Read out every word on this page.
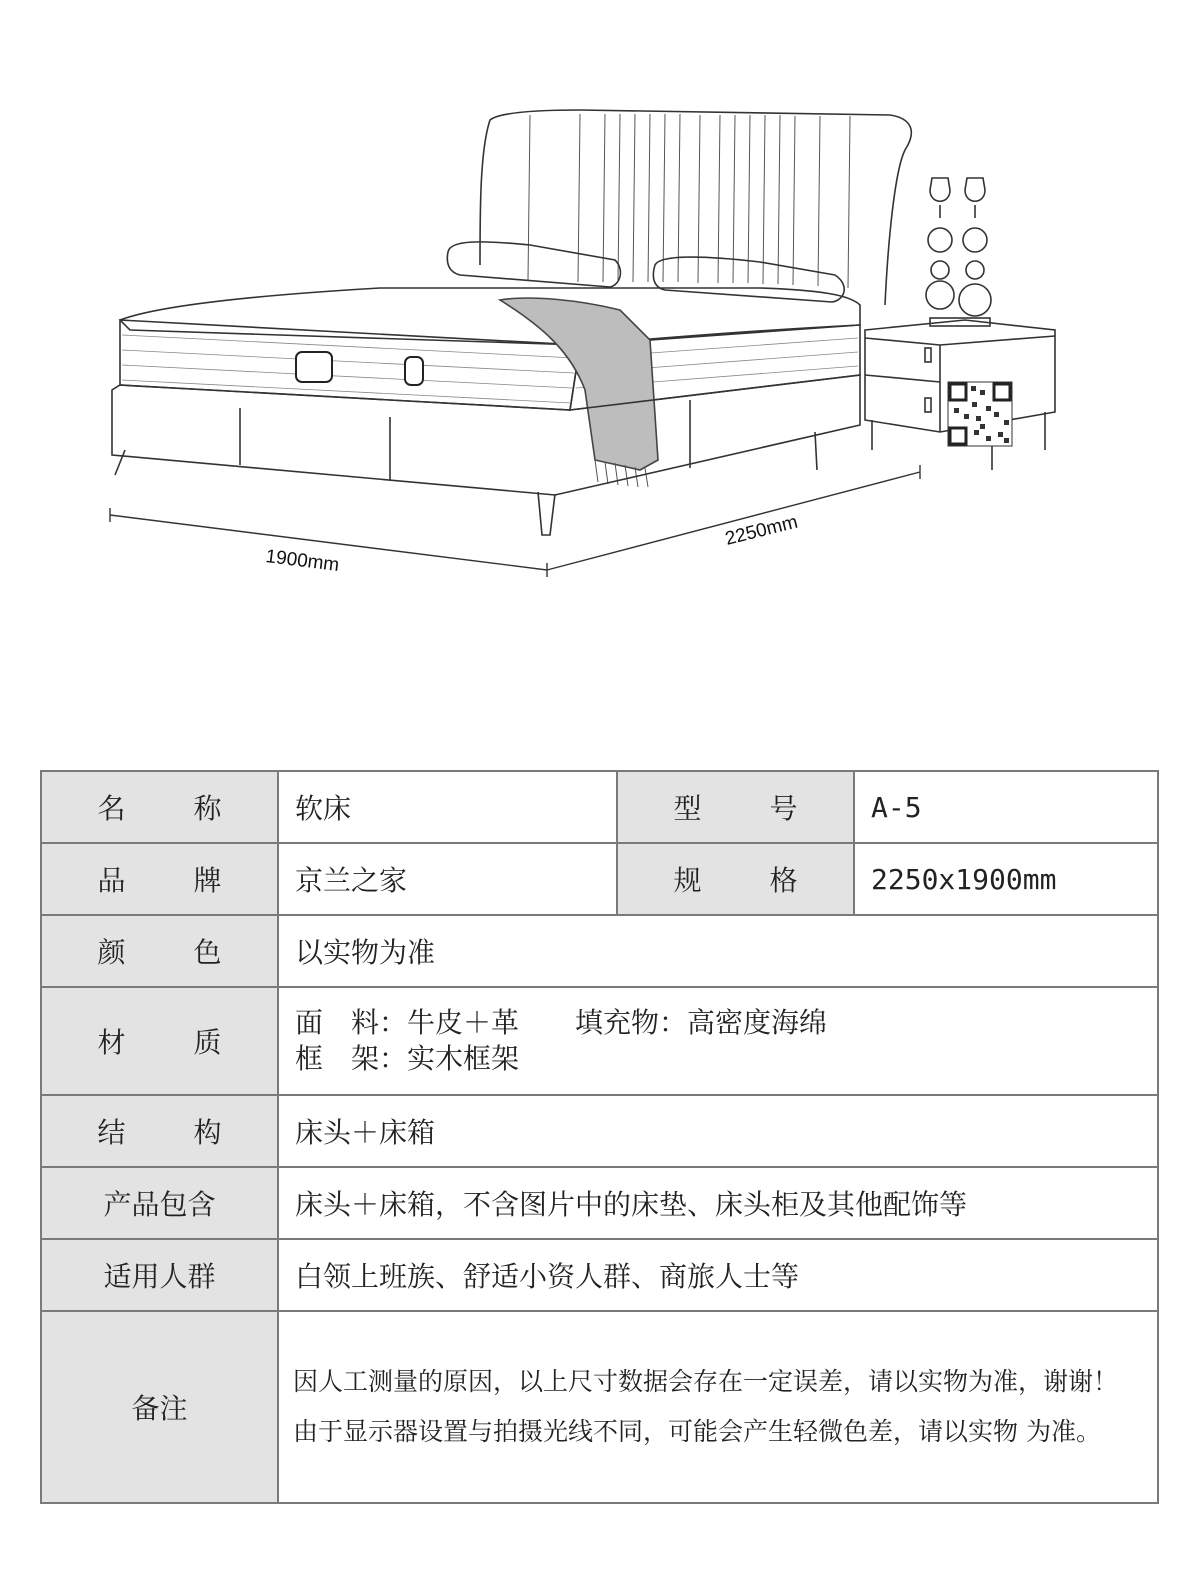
1900mm
2250mm
名 称	软床	型 号	A-5

品 牌	京兰之家	规 格	2250x1900mm

颜 色	以实物为准		

材 质	面　料：牛皮＋革　　填充物：高密度海绵
框　架：实木框架		

结 构	床头＋床箱		
产品包含	床头＋床箱，不含图片中的床垫、床头柜及其他配饰等		
适用人群	白领上班族、舒适小资人群、商旅人士等		
备注	因人工测量的原因，以上尺寸数据会存在一定误差，请以实物为准，谢谢！
由于显示器设置与拍摄光线不同，可能会产生轻微色差，请以实物 为准。		
